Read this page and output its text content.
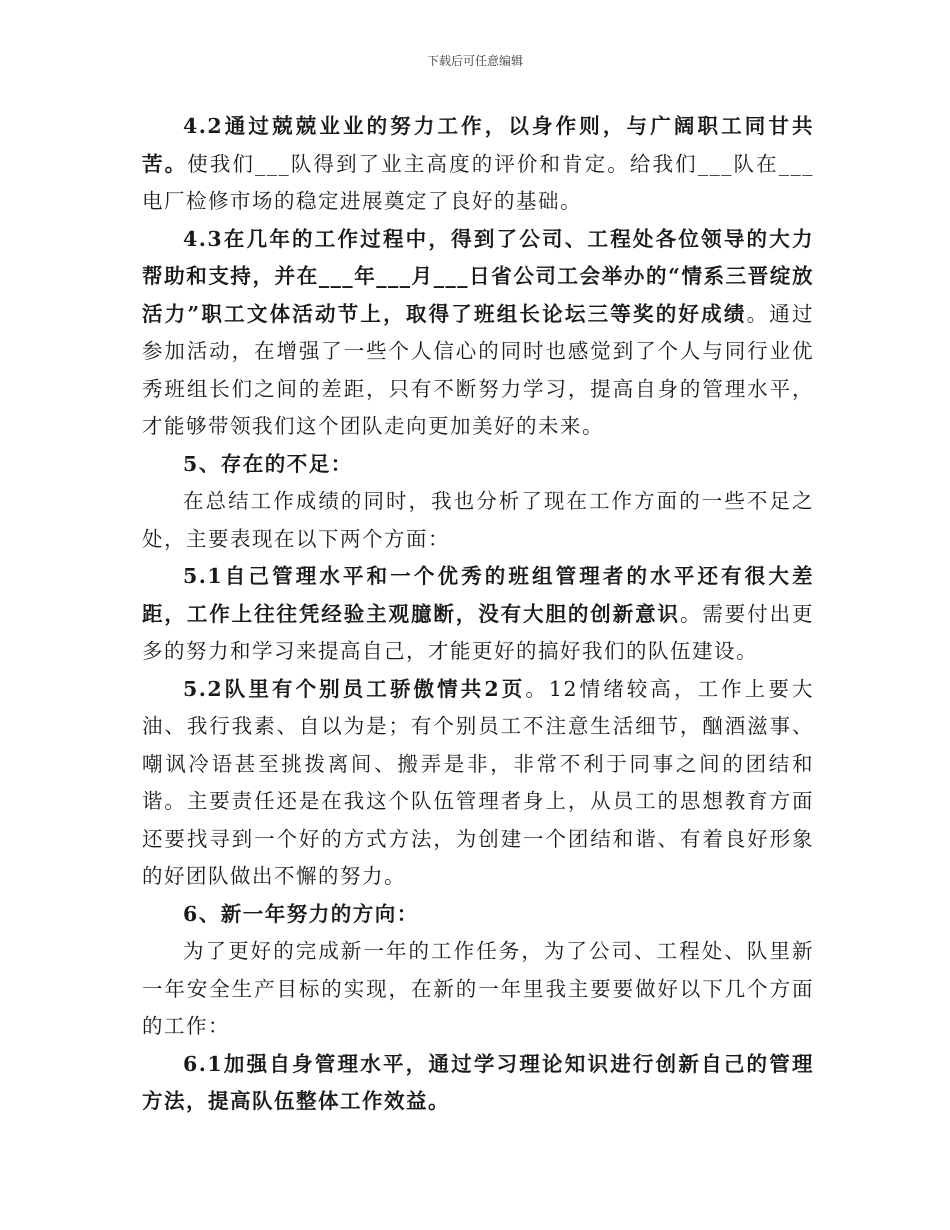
下载后可任意编辑

4.2通过兢兢业业的努力工作，以身作则，与广阔职工同甘共苦。使我们___队得到了业主高度的评价和肯定。给我们___队在___电厂检修市场的稳定进展奠定了良好的基础。

4.3在几年的工作过程中，得到了公司、工程处各位领导的大力帮助和支持，并在___年___月___日省公司工会举办的“情系三晋绽放活力”职工文体活动节上，取得了班组长论坛三等奖的好成绩。通过参加活动，在增强了一些个人信心的同时也感觉到了个人与同行业优秀班组长们之间的差距，只有不断努力学习，提高自身的管理水平，才能够带领我们这个团队走向更加美好的未来。

5、存在的不足：

在总结工作成绩的同时，我也分析了现在工作方面的一些不足之处，主要表现在以下两个方面：

5.1自己管理水平和一个优秀的班组管理者的水平还有很大差距，工作上往往凭经验主观臆断，没有大胆的创新意识。需要付出更多的努力和学习来提高自己，才能更好的搞好我们的队伍建设。

5.2队里有个别员工骄傲情共2页。12情绪较高，工作上要大油、我行我素、自以为是；有个别员工不注意生活细节，酗酒滋事、嘲讽冷语甚至挑拨离间、搬弄是非，非常不利于同事之间的团结和谐。主要责任还是在我这个队伍管理者身上，从员工的思想教育方面还要找寻到一个好的方式方法，为创建一个团结和谐、有着良好形象的好团队做出不懈的努力。

6、新一年努力的方向：

为了更好的完成新一年的工作任务，为了公司、工程处、队里新一年安全生产目标的实现，在新的一年里我主要要做好以下几个方面的工作：

6.1加强自身管理水平，通过学习理论知识进行创新自己的管理方法，提高队伍整体工作效益。
